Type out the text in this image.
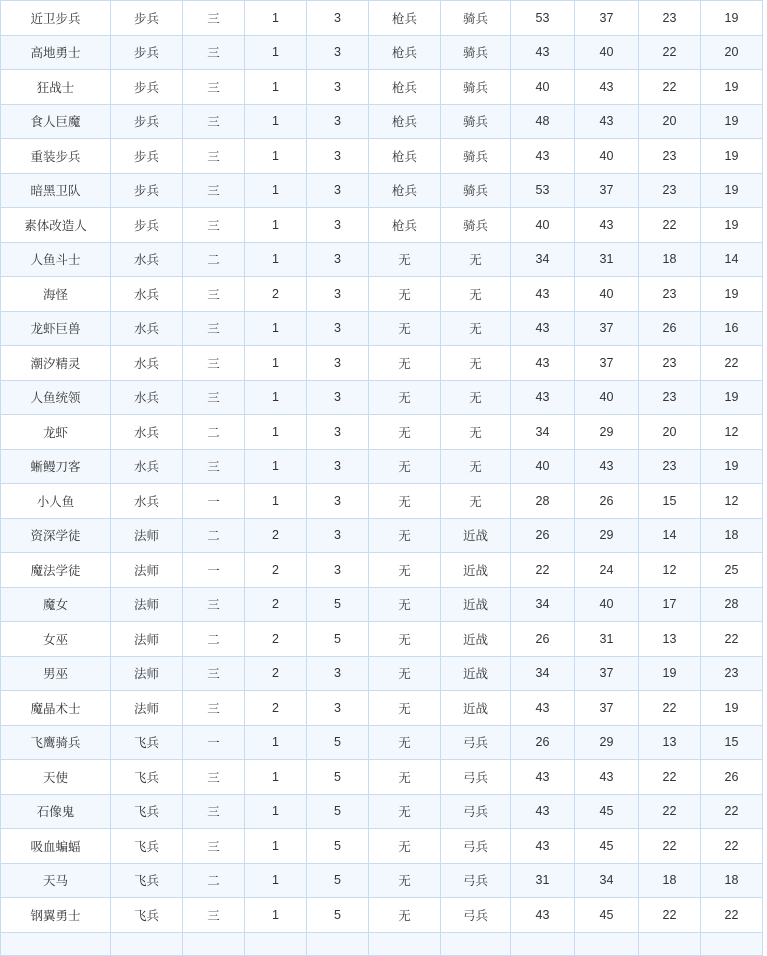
近卫步兵	步兵	三	1	3	枪兵	骑兵	53	37	23	19
高地勇士	步兵	三	1	3	枪兵	骑兵	43	40	22	20
狂战士	步兵	三	1	3	枪兵	骑兵	40	43	22	19
食人巨魔	步兵	三	1	3	枪兵	骑兵	48	43	20	19
重装步兵	步兵	三	1	3	枪兵	骑兵	43	40	23	19
暗黑卫队	步兵	三	1	3	枪兵	骑兵	53	37	23	19
素体改造人	步兵	三	1	3	枪兵	骑兵	40	43	22	19
人鱼斗士	水兵	二	1	3	无	无	34	31	18	14
海怪	水兵	三	2	3	无	无	43	40	23	19
龙虾巨兽	水兵	三	1	3	无	无	43	37	26	16
潮汐精灵	水兵	三	1	3	无	无	43	37	23	22
人鱼统领	水兵	三	1	3	无	无	43	40	23	19
龙虾	水兵	二	1	3	无	无	34	29	20	12
蜥鳗刀客	水兵	三	1	3	无	无	40	43	23	19
小人鱼	水兵	一	1	3	无	无	28	26	15	12
资深学徒	法师	二	2	3	无	近战	26	29	14	18
魔法学徒	法师	一	2	3	无	近战	22	24	12	25
魔女	法师	三	2	5	无	近战	34	40	17	28
女巫	法师	二	2	5	无	近战	26	31	13	22
男巫	法师	三	2	3	无	近战	34	37	19	23
魔晶术士	法师	三	2	3	无	近战	43	37	22	19
飞鹰骑兵	飞兵	一	1	5	无	弓兵	26	29	13	15
天使	飞兵	三	1	5	无	弓兵	43	43	22	26
石像鬼	飞兵	三	1	5	无	弓兵	43	45	22	22
吸血蝙蝠	飞兵	三	1	5	无	弓兵	43	45	22	22
天马	飞兵	二	1	5	无	弓兵	31	34	18	18
钢翼勇士	飞兵	三	1	5	无	弓兵	43	45	22	22
